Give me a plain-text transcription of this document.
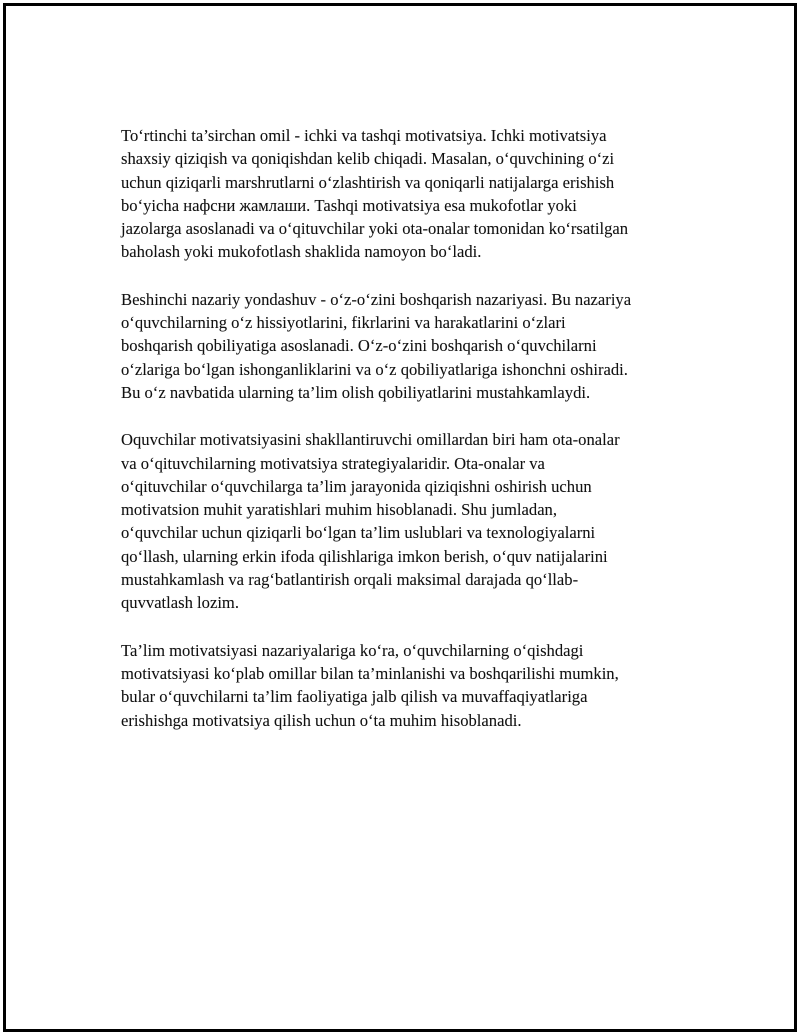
To‘rtinchi ta’sirchan omil - ichki va tashqi motivatsiya. Ichki motivatsiya
shaxsiy qiziqish va qoniqishdan kelib chiqadi. Masalan, o‘quvchining o‘zi
uchun qiziqarli marshrutlarni o‘zlashtirish va qoniqarli natijalarga erishish
bo‘yicha нафсни жамлаши. Tashqi motivatsiya esa mukofotlar yoki
jazolarga asoslanadi va o‘qituvchilar yoki ota-onalar tomonidan ko‘rsatilgan
baholash yoki mukofotlash shaklida namoyon bo‘ladi.

Beshinchi nazariy yondashuv - o‘z-o‘zini boshqarish nazariyasi. Bu nazariya
o‘quvchilarning o‘z hissiyotlarini, fikrlarini va harakatlarini o‘zlari
boshqarish qobiliyatiga asoslanadi. O‘z-o‘zini boshqarish o‘quvchilarni
o‘zlariga bo‘lgan ishonganliklarini va o‘z qobiliyatlariga ishonchni oshiradi.
Bu o‘z navbatida ularning ta’lim olish qobiliyatlarini mustahkamlaydi.

Oquvchilar motivatsiyasini shakllantiruvchi omillardan biri ham ota-onalar
va o‘qituvchilarning motivatsiya strategiyalaridir. Ota-onalar va
o‘qituvchilar o‘quvchilarga ta’lim jarayonida qiziqishni oshirish uchun
motivatsion muhit yaratishlari muhim hisoblanadi. Shu jumladan,
o‘quvchilar uchun qiziqarli bo‘lgan ta’lim uslublari va texnologiyalarni
qo‘llash, ularning erkin ifoda qilishlariga imkon berish, o‘quv natijalarini
mustahkamlash va rag‘batlantirish orqali maksimal darajada qo‘llab-
quvvatlash lozim.

Ta’lim motivatsiyasi nazariyalariga ko‘ra, o‘quvchilarning o‘qishdagi
motivatsiyasi ko‘plab omillar bilan ta’minlanishi va boshqarilishi mumkin,
bular o‘quvchilarni ta’lim faoliyatiga jalb qilish va muvaffaqiyatlariga
erishishga motivatsiya qilish uchun o‘ta muhim hisoblanadi.
